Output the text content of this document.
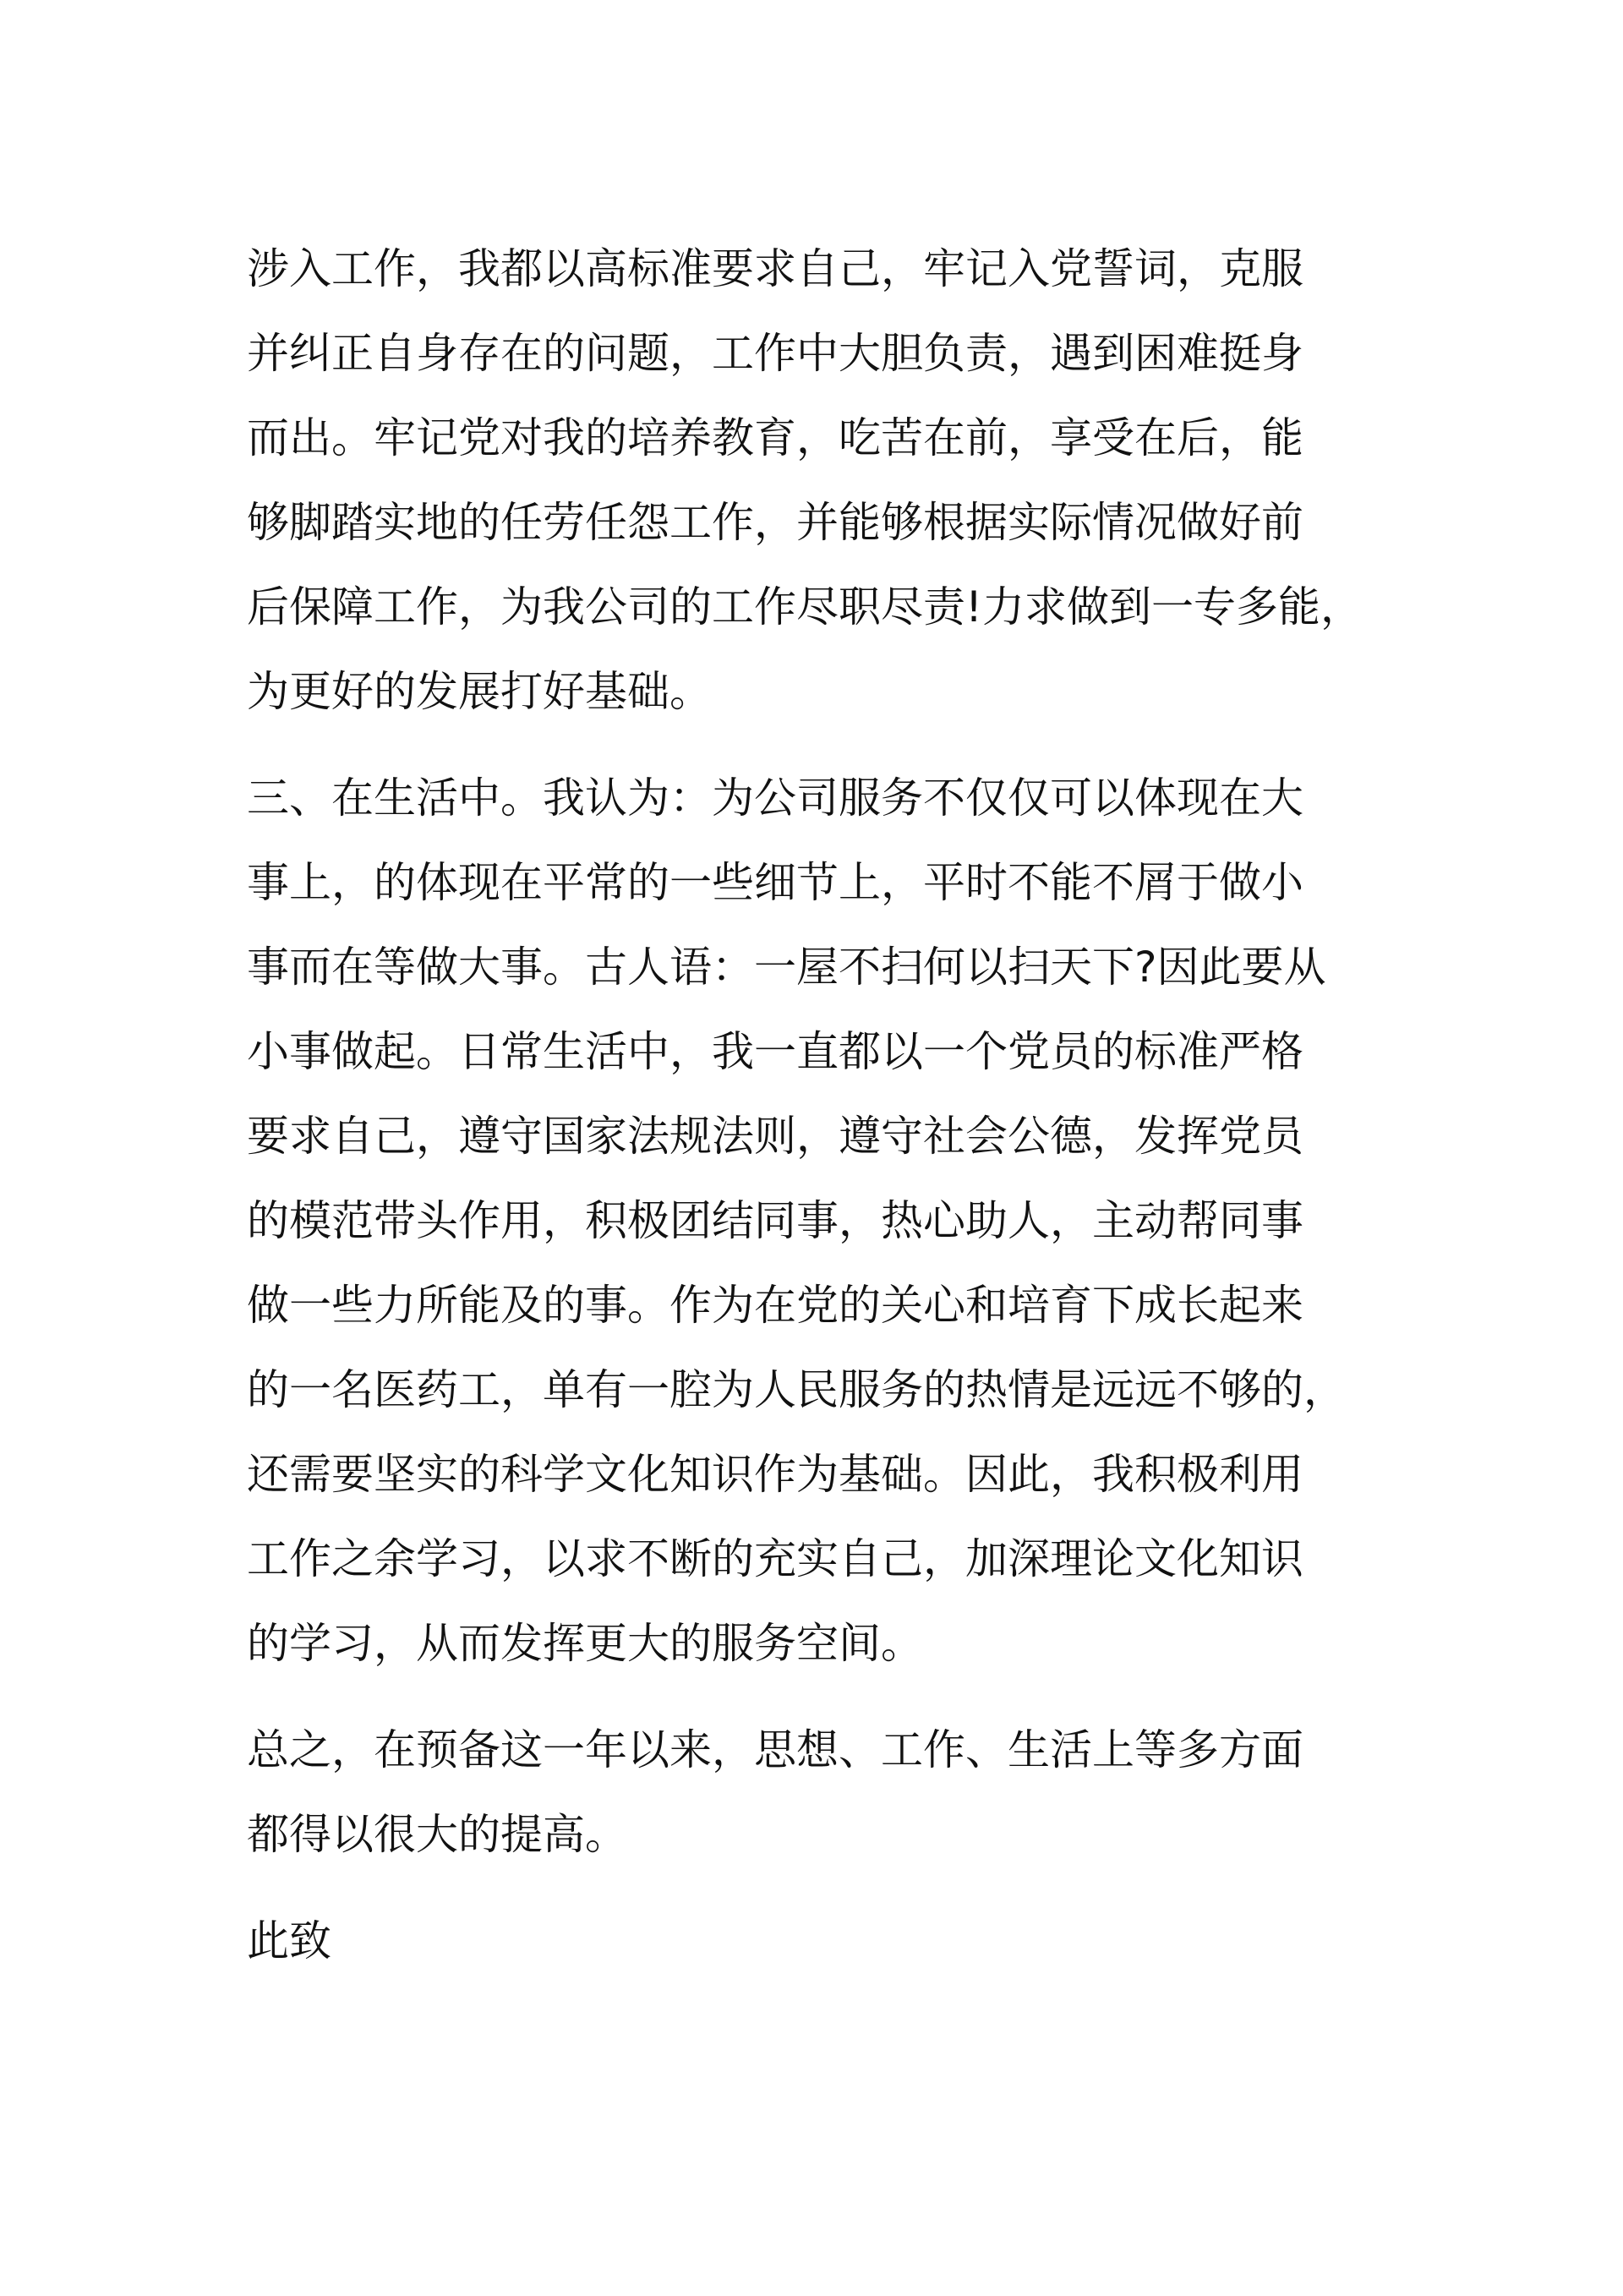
涉入工作，我都以高标准要求自己，牢记入党誓词，克服
并纠正自身存在的问题，工作中大胆负责，遇到困难挺身
而出。牢记党对我的培养教育，吃苦在前，享受在后，能
够脚踏实地的任劳任怨工作，并能够根据实际情况做好前
后保障工作，为我公司的工作尽职尽责!力求做到一专多能，
为更好的发展打好基础。
三、在生活中。我认为：为公司服务不仅仅可以体现在大
事上，的体现在平常的一些细节上，平时不能不屑于做小
事而在等做大事。古人语：一屋不扫何以扫天下?因此要从
小事做起。日常生活中，我一直都以一个党员的标准严格
要求自己，遵守国家法规法则，遵守社会公德，发挥党员
的模范带头作用，积极团结同事，热心助人，主动帮同事
做一些力所能及的事。作为在党的关心和培育下成长起来
的一名医药工，单有一腔为人民服务的热情是远远不够的，
还需要坚实的科学文化知识作为基础。因此，我积极利用
工作之余学习，以求不断的充实自己，加深理论文化知识
的学习，从而发挥更大的服务空间。
总之，在预备这一年以来，思想、工作、生活上等多方面
都得以很大的提高。
此致
